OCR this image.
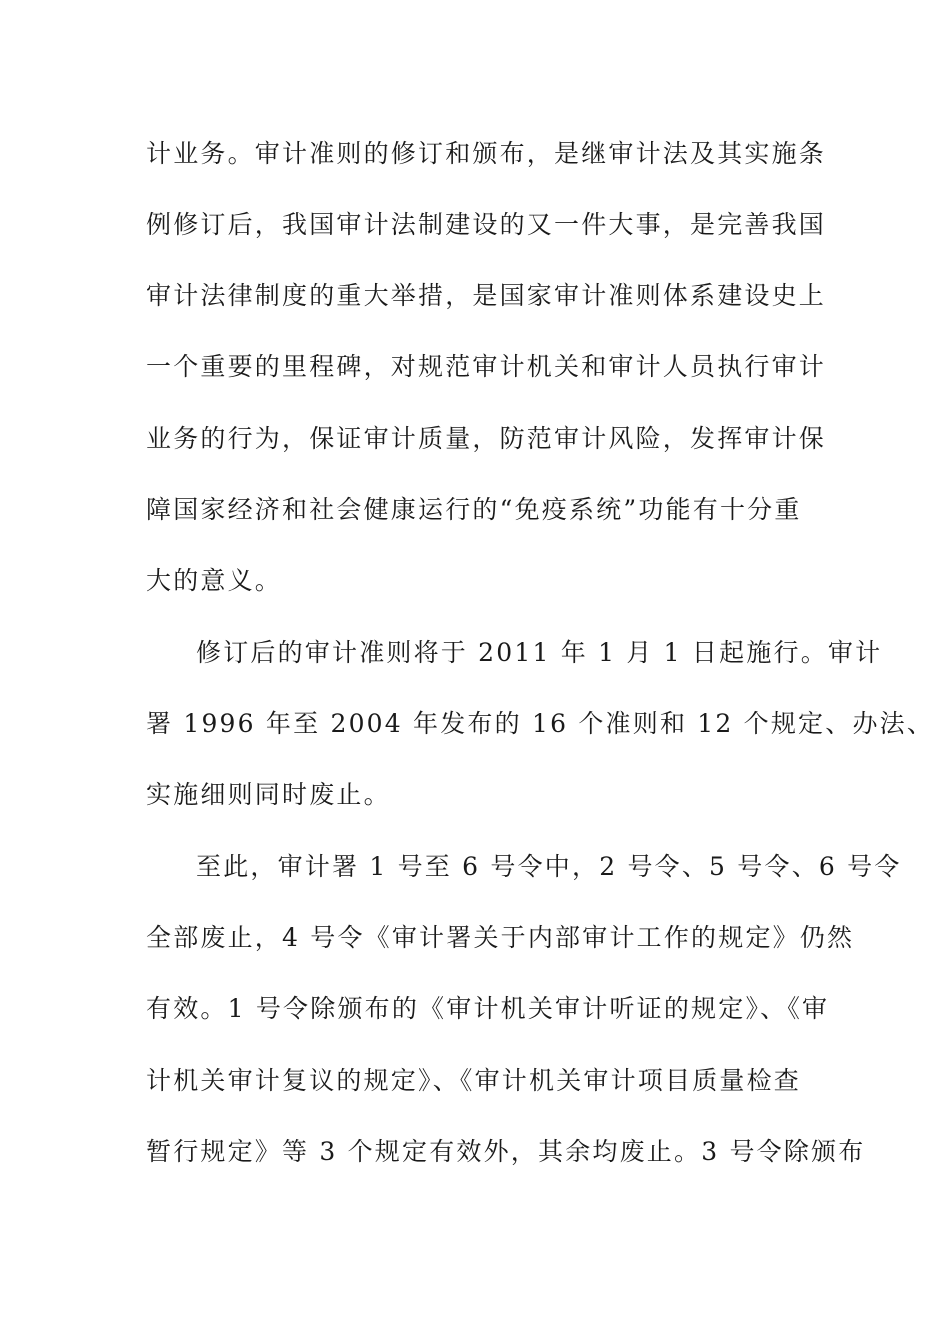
计业务。审计准则的修订和颁布，是继审计法及其实施条
例修订后，我国审计法制建设的又一件大事，是完善我国
审计法律制度的重大举措，是国家审计准则体系建设史上
一个重要的里程碑，对规范审计机关和审计人员执行审计
业务的行为，保证审计质量，防范审计风险，发挥审计保
障国家经济和社会健康运行的“免疫系统”功能有十分重
大的意义。
修订后的审计准则将于 2011 年 1 月 1 日起施行。审计
署 1996 年至 2004 年发布的 16 个准则和 12 个规定、办法、
实施细则同时废止。
至此，审计署 1 号至 6 号令中，2 号令、5 号令、6 号令
全部废止，4 号令《审计署关于内部审计工作的规定》仍然
有效。1 号令除颁布的《审计机关审计听证的规定》、《审
计机关审计复议的规定》、《审计机关审计项目质量检查
暂行规定》等 3 个规定有效外，其余均废止。3 号令除颁布
